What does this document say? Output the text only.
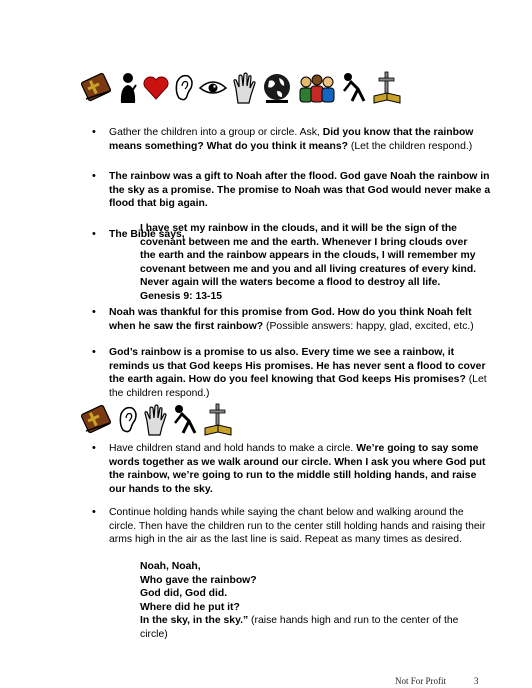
• Gather the children into a group or circle. Ask, Did you know that the rainbow means something? What do you think it means? (Let the children respond.)
• The rainbow was a gift to Noah after the flood. God gave Noah the rainbow in the sky as a promise. The promise to Noah was that God would never make a flood that big again.
• The Bible says,
I have set my rainbow in the clouds, and it will be the sign of the covenant between me and the earth. Whenever I bring clouds over the earth and the rainbow appears in the clouds, I will remember my covenant between me and you and all living creatures of every kind. Never again will the waters become a flood to destroy all life.
Genesis 9: 13-15
• Noah was thankful for this promise from God. How do you think Noah felt when he saw the first rainbow? (Possible answers: happy, glad, excited, etc.)
• God’s rainbow is a promise to us also. Every time we see a rainbow, it reminds us that God keeps His promises. He has never sent a flood to cover the earth again. How do you feel knowing that God keeps His promises? (Let the children respond.)
• Have children stand and hold hands to make a circle. We’re going to say some words together as we walk around our circle. When I ask you where God put the rainbow, we’re going to run to the middle still holding hands, and raise our hands to the sky.
• Continue holding hands while saying the chant below and walking around the circle. Then have the children run to the center still holding hands and raising their arms high in the air as the last line is said. Repeat as many times as desired.
Noah, Noah,
Who gave the rainbow?
God did, God did.
Where did he put it?
In the sky, in the sky.” (raise hands high and run to the center of the circle)
Not For Profit	3
